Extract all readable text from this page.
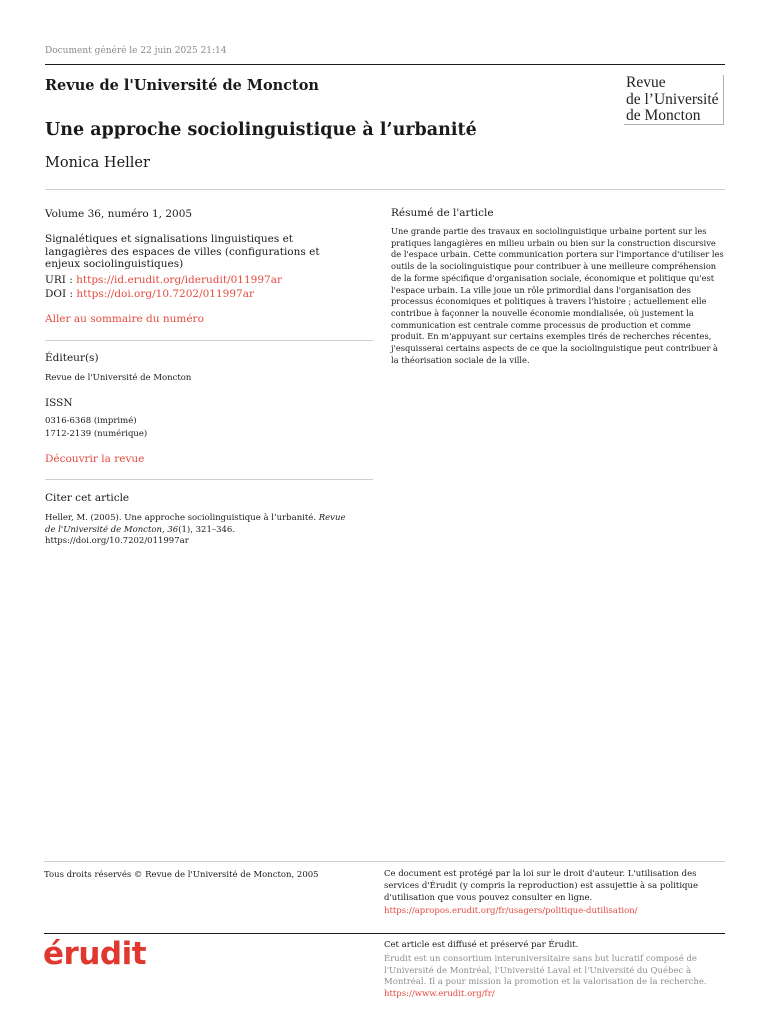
Document généré le 22 juin 2025 21:14
Revue de l'Université de Moncton	Revue
de l’Université
de Moncton
Une approche sociolinguistique à l’urbanité
Monica Heller
Volume 36, numéro 1, 2005
Signalétiques et signalisations linguistiques et langagières des espaces de villes (configurations et enjeux sociolinguistiques)
URI : https://id.erudit.org/iderudit/011997ar
DOI : https://doi.org/10.7202/011997ar
Aller au sommaire du numéro
Éditeur(s)
Revue de l'Université de Moncton
ISSN
0316-6368 (imprimé)
1712-2139 (numérique)
Découvrir la revue
Citer cet article
Heller, M. (2005). Une approche sociolinguistique à l’urbanité. Revue de l'Université de Moncton, 36(1), 321–346. https://doi.org/10.7202/011997ar
Résumé de l'article
Une grande partie des travaux en sociolinguistique urbaine portent sur les pratiques langagières en milieu urbain ou bien sur la construction discursive de l'espace urbain. Cette communication portera sur l'importance d'utiliser les outils de la sociolinguistique pour contribuer à une meilleure compréhension de la forme spécifique d'organisation sociale, économique et politique qu'est l'espace urbain. La ville joue un rôle primordial dans l'organisation des processus économiques et politiques à travers l'histoire ; actuellement elle contribue à façonner la nouvelle économie mondialisée, où justement la communication est centrale comme processus de production et comme produit. En m'appuyant sur certains exemples tirés de recherches récentes, j'esquisserai certains aspects de ce que la sociolinguistique peut contribuer à la théorisation sociale de la ville.
Tous droits réservés © Revue de l'Université de Moncton, 2005	Ce document est protégé par la loi sur le droit d'auteur. L'utilisation des services d'Érudit (y compris la reproduction) est assujettie à sa politique d'utilisation que vous pouvez consulter en ligne.
https://apropos.erudit.org/fr/usagers/politique-dutilisation/
érudit	Cet article est diffusé et préservé par Érudit.
Érudit est un consortium interuniversitaire sans but lucratif composé de l'Université de Montréal, l'Université Laval et l'Université du Québec à Montréal. Il a pour mission la promotion et la valorisation de la recherche.
https://www.erudit.org/fr/
